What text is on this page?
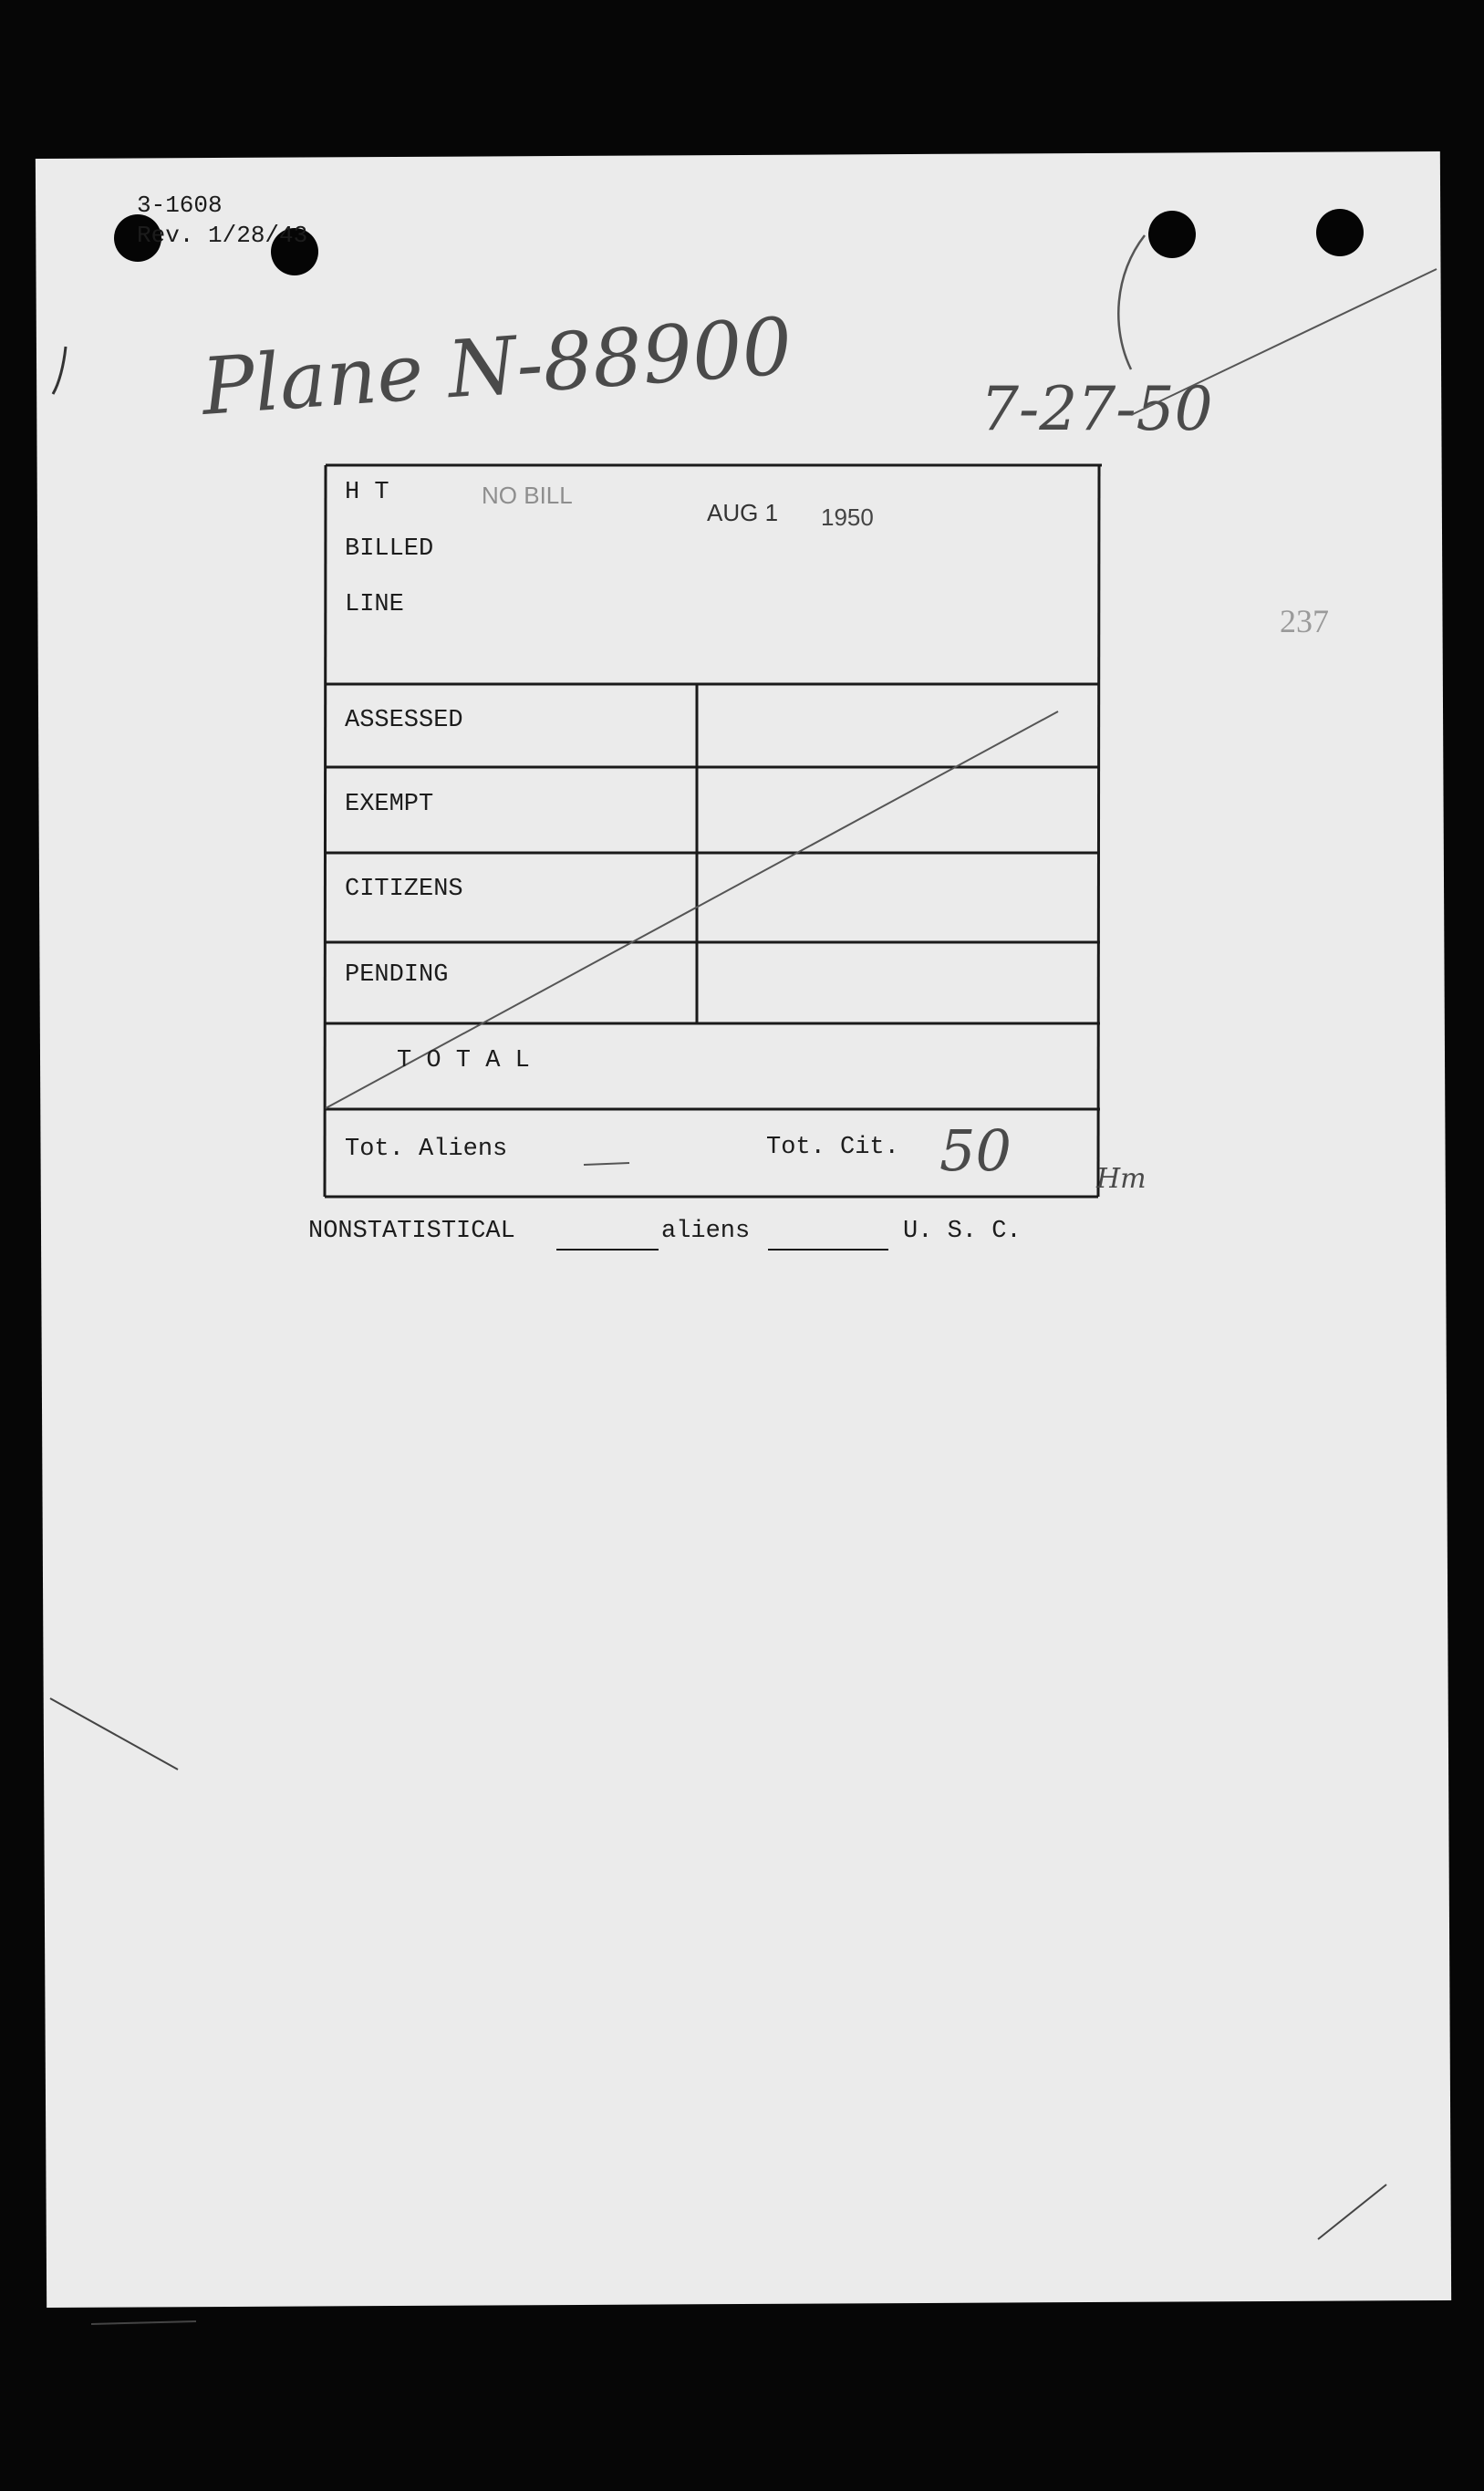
3-1608
Rev. 1/28/43
Plane N-88900	7-27-50
237
H T
BILLED
LINE
NO BILL
AUG 1 1950
ASSESSED
EXEMPT
CITIZENS
PENDING
T O T A L
Tot. Aliens	Tot. Cit. 50	Hm
NONSTATISTICAL	aliens	U. S. C.
